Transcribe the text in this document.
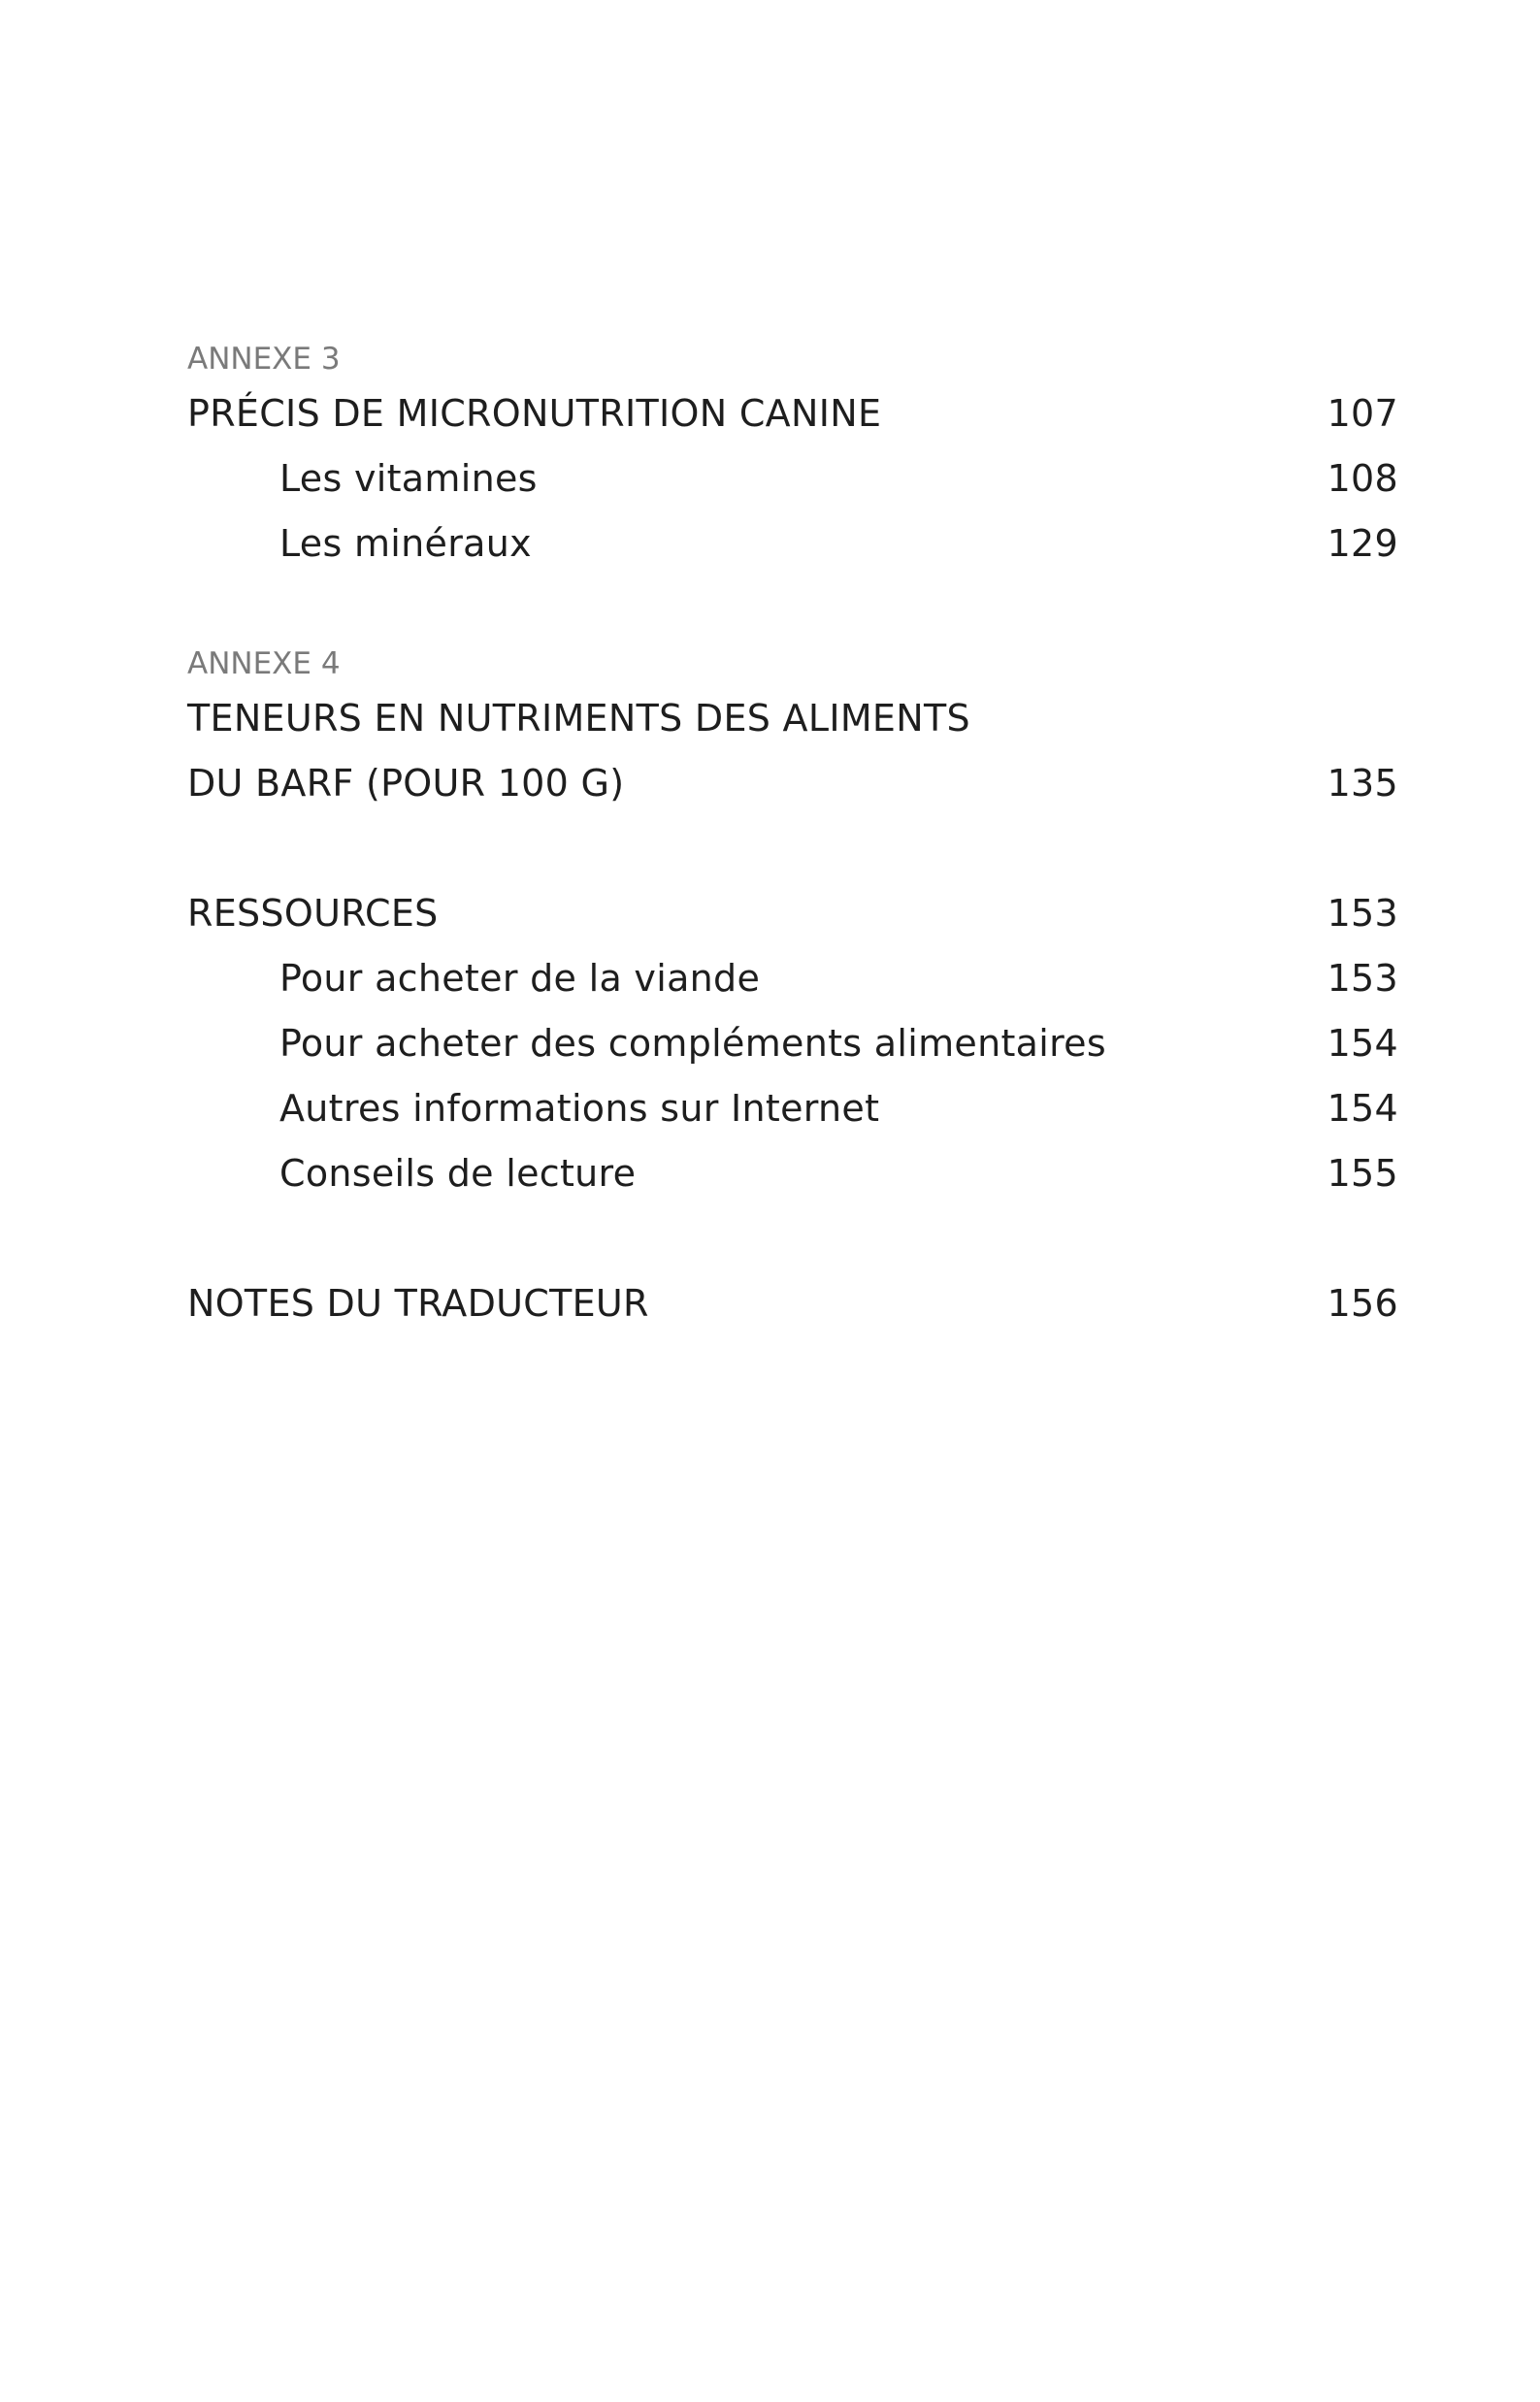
ANNEXE 3
PRÉCIS DE MICRONUTRITION CANINE	107
Les vitamines	108
Les minéraux	129
ANNEXE 4
TENEURS EN NUTRIMENTS DES ALIMENTS
DU BARF (POUR 100 G)	135
RESSOURCES	153
Pour acheter de la viande	153
Pour acheter des compléments alimentaires	154
Autres informations sur Internet	154
Conseils de lecture	155
NOTES DU TRADUCTEUR	156
